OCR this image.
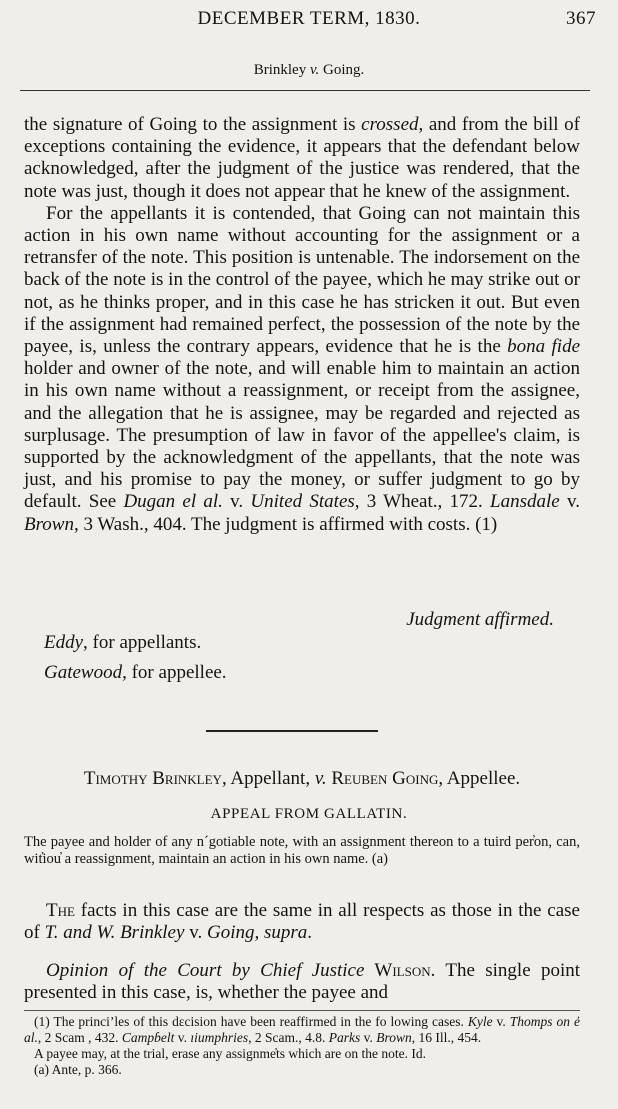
DECEMBER TERM, 1830.	367
Brinkley v. Going.

the signature of Going to the assignment is crossed, and from the bill of exceptions containing the evidence, it appears that the defendant below acknowledged, after the judgment of the justice was rendered, that the note was just, though it does not appear that he knew of the assignment.

For the appellants it is contended, that Going can not maintain this action in his own name without accounting for the assignment or a retransfer of the note. This position is untenable. The indorsement on the back of the note is in the control of the payee, which he may strike out or not, as he thinks proper, and in this case he has stricken it out. But even if the assignment had remained perfect, the possession of the note by the payee, is, unless the contrary appears, evidence that he is the bona fide holder and owner of the note, and will enable him to maintain an action in his own name without a reassignment, or receipt from the assignee, and the allegation that he is assignee, may be regarded and rejected as surplusage. The presumption of law in favor of the appellee's claim, is supported by the acknowledgment of the appellants, that the note was just, and his promise to pay the money, or suffer judgment to go by default. See Dugan el al. v. United States, 3 Wheat., 172. Lansdale v. Brown, 3 Wash., 404. The judgment is affirmed with costs. (1)

Judgment affirmed.
Eddy, for appellants.
Gatewood, for appellee.
Timothy Brinkley, Appellant, v. Reuben Going, Appellee.
APPEAL FROM GALLATIN.
The payee and holder of any n´gotiable note, with an assignment thereon to a tuird per̓on, can, wit̓iou̓ a reassignment, maintain an action in his own name. (a)

The facts in this case are the same in all respects as those in the case of T. and W. Brinkley v. Going, supra.

Opinion of the Court by Chief Justice Wilson. The single point presented in this case, is, whether the payee and

(1) The princi’les of this dɛcision have been reaffirmed in the fo lowing cases. Kyle v. Thomps оn e̓ al., 2 Scam , 432. Campɓelt v. ıiumphries, 2 Scam., 4.8. Parks v. Brown, 16 Ill., 454.

A payee may, at the trial, erase any assignme̓ts which are on the note. Id.

(a) Ante, p. 366.
